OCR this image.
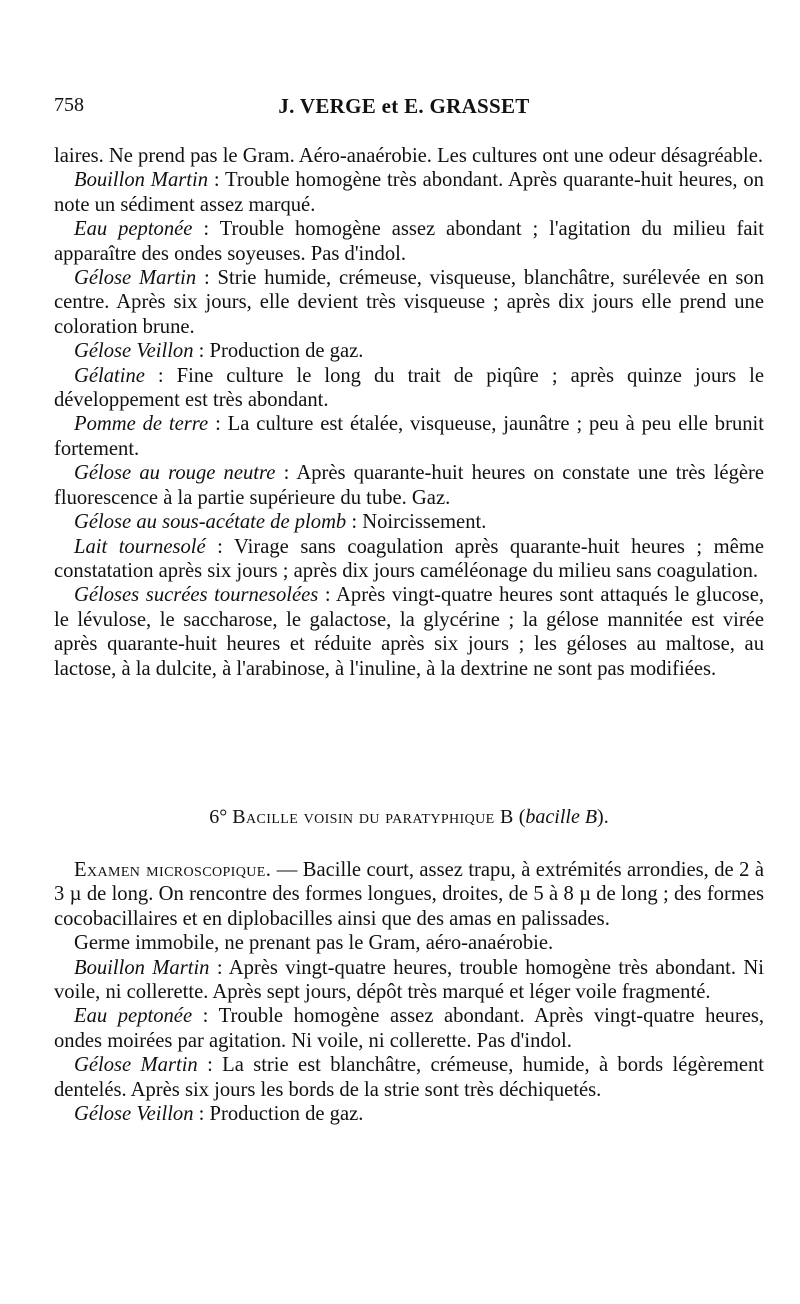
758	J. VERGE et E. GRASSET

laires. Ne prend pas le Gram. Aéro-anaérobie. Les cultures ont une odeur désagréable.

Bouillon Martin : Trouble homogène très abondant. Après quarante-huit heures, on note un sédiment assez marqué.

Eau peptonée : Trouble homogène assez abondant ; l'agitation du milieu fait apparaître des ondes soyeuses. Pas d'indol.

Gélose Martin : Strie humide, crémeuse, visqueuse, blanchâtre, surélevée en son centre. Après six jours, elle devient très visqueuse ; après dix jours elle prend une coloration brune.

Gélose Veillon : Production de gaz.

Gélatine : Fine culture le long du trait de piqûre ; après quinze jours le développement est très abondant.

Pomme de terre : La culture est étalée, visqueuse, jaunâtre ; peu à peu elle brunit fortement.

Gélose au rouge neutre : Après quarante-huit heures on constate une très légère fluorescence à la partie supérieure du tube. Gaz.

Gélose au sous-acétate de plomb : Noircissement.

Lait tournesolé : Virage sans coagulation après quarante-huit heures ; même constatation après six jours ; après dix jours caméléonage du milieu sans coagulation.

Géloses sucrées tournesolées : Après vingt-quatre heures sont attaqués le glucose, le lévulose, le saccharose, le galactose, la glycérine ; la gélose mannitée est virée après quarante-huit heures et réduite après six jours ; les géloses au maltose, au lactose, à la dulcite, à l'arabinose, à l'inuline, à la dextrine ne sont pas modifiées.

6° Bacille voisin du paratyphique B (bacille B).

Examen microscopique. — Bacille court, assez trapu, à extrémités arrondies, de 2 à 3 µ de long. On rencontre des formes longues, droites, de 5 à 8 µ de long ; des formes cocobacillaires et en diplobacilles ainsi que des amas en palissades.

Germe immobile, ne prenant pas le Gram, aéro-anaérobie.

Bouillon Martin : Après vingt-quatre heures, trouble homogène très abondant. Ni voile, ni collerette. Après sept jours, dépôt très marqué et léger voile fragmenté.

Eau peptonée : Trouble homogène assez abondant. Après vingt-quatre heures, ondes moirées par agitation. Ni voile, ni collerette. Pas d'indol.

Gélose Martin : La strie est blanchâtre, crémeuse, humide, à bords légèrement dentelés. Après six jours les bords de la strie sont très déchiquetés.

Gélose Veillon : Production de gaz.
